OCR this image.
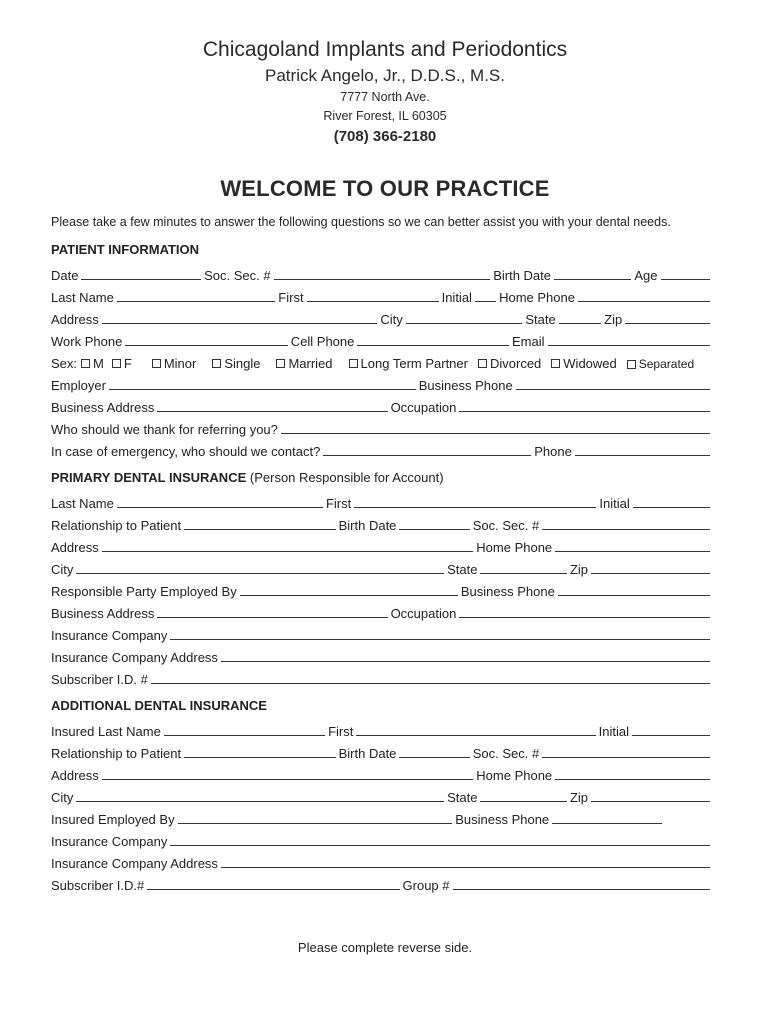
Chicagoland Implants and Periodontics
Patrick Angelo, Jr., D.D.S., M.S.
7777 North Ave.
River Forest, IL 60305
(708) 366-2180
WELCOME TO OUR PRACTICE
Please take a few minutes to answer the following questions so we can better assist you with your dental needs.
PATIENT INFORMATION
Date	Soc. Sec. #	Birth Date	Age
Last Name	First	Initial Home Phone
Address	City	State	Zip
Work Phone	Cell Phone	Email
Sex: M F Minor Single Married Long Term Partner Divorced Widowed Separated
Employer	Business Phone
Business Address	Occupation
Who should we thank for referring you?
In case of emergency, who should we contact?	Phone
PRIMARY DENTAL INSURANCE (Person Responsible for Account)
Last Name	First	Initial
Relationship to Patient	Birth Date	Soc. Sec. #
Address	Home Phone
City	State	Zip
Responsible Party Employed By	Business Phone
Business Address	Occupation
Insurance Company
Insurance Company Address
Subscriber I.D. #
ADDITIONAL DENTAL INSURANCE
Insured Last Name	First	Initial
Relationship to Patient	Birth Date	Soc. Sec. #
Address	Home Phone
City	State	Zip
Insured Employed By	Business Phone
Insurance Company
Insurance Company Address
Subscriber I.D.#	Group #
Please complete reverse side.
